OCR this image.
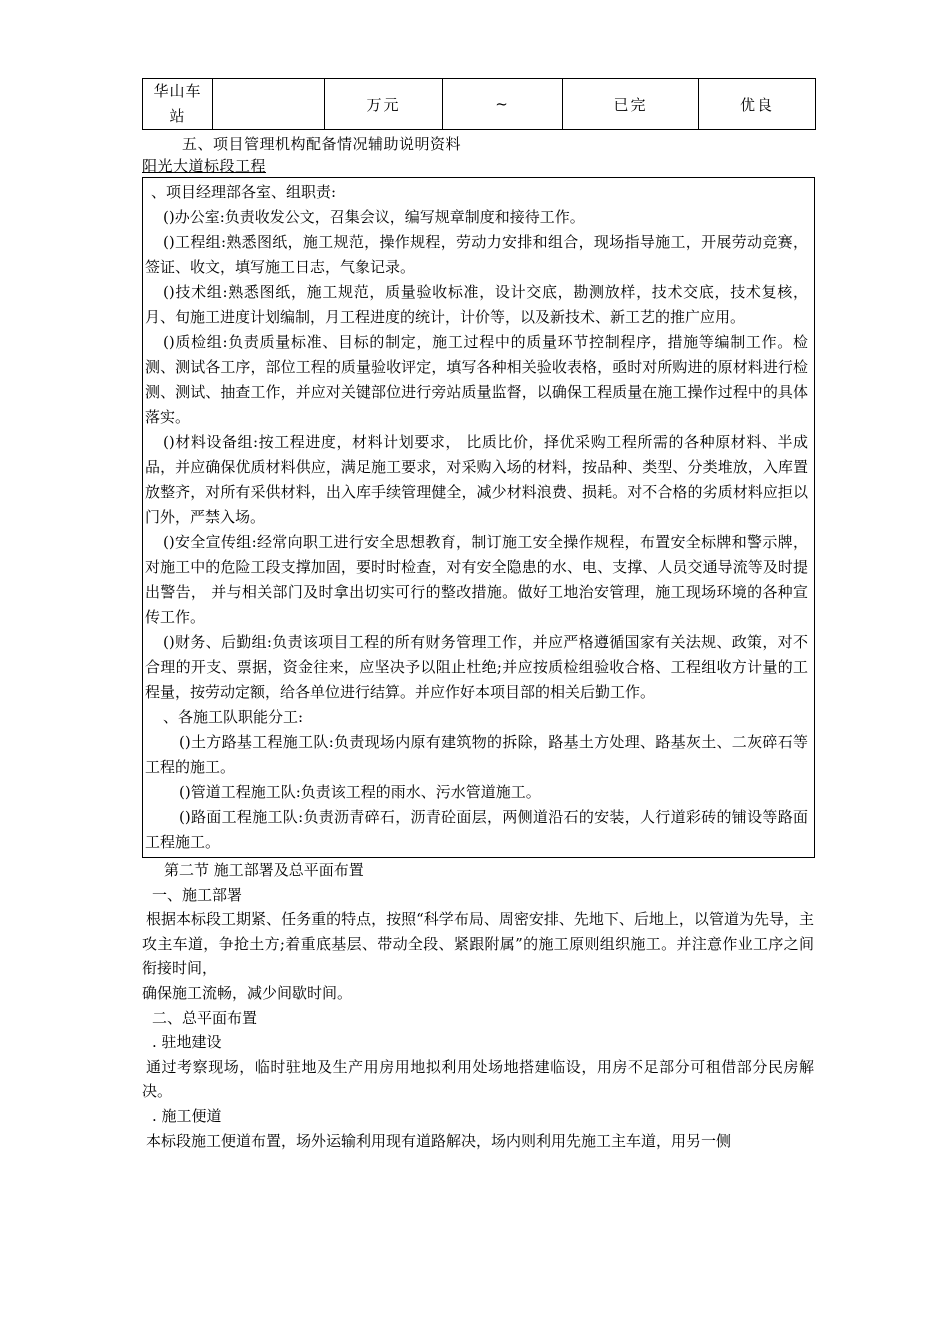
华山车站		万元	~	已完	优良
五、项目管理机构配备情况辅助说明资料
阳光大道标段工程

、项目经理部各室、组职责:

()办公室:负责收发公文，召集会议，编写规章制度和接待工作。

()工程组:熟悉图纸，施工规范，操作规程，劳动力安排和组合，现场指导施工，开展劳动竞赛，签证、收文，填写施工日志，气象记录。

()技术组:熟悉图纸，施工规范，质量验收标准，设计交底，勘测放样，技术交底，技术复核，月、旬施工进度计划编制，月工程进度的统计，计价等，以及新技术、新工艺的推广应用。

()质检组:负责质量标准、目标的制定，施工过程中的质量环节控制程序，措施等编制工作。检测、测试各工序，部位工程的质量验收评定，填写各种相关验收表格，亟时对所购进的原材料进行检测、测试、抽查工作，并应对关键部位进行旁站质量监督，以确保工程质量在施工操作过程中的具体落实。

()材料设备组:按工程进度，材料计划要求， 比质比价，择优采购工程所需的各种原材料、半成品，并应确保优质材料供应，满足施工要求，对采购入场的材料，按品种、类型、分类堆放，入库置放整齐，对所有采供材料，出入库手续管理健全，减少材料浪费、损耗。对不合格的劣质材料应拒以门外，严禁入场。

()安全宣传组:经常向职工进行安全思想教育，制订施工安全操作规程，布置安全标牌和警示牌，对施工中的危险工段支撑加固，要时时检查，对有安全隐患的水、电、支撑、人员交通导流等及时提出警告， 并与相关部门及时拿出切实可行的整改措施。做好工地治安管理，施工现场环境的各种宣传工作。

()财务、后勤组:负责该项目工程的所有财务管理工作，并应严格遵循国家有关法规、政策，对不合理的开支、票据，资金往来，应坚决予以阻止杜绝;并应按质检组验收合格、工程组收方计量的工程量，按劳动定额，给各单位进行结算。并应作好本项目部的相关后勤工作。

、各施工队职能分工:

()土方路基工程施工队:负责现场内原有建筑物的拆除，路基土方处理、路基灰土、二灰碎石等工程的施工。

()管道工程施工队:负责该工程的雨水、污水管道施工。

()路面工程施工队:负责沥青碎石，沥青砼面层，两侧道沿石的安装，人行道彩砖的铺设等路面工程施工。

第二节 施工部署及总平面布置

一、施工部署

根据本标段工期紧、任务重的特点，按照“科学布局、周密安排、先地下、后地上，以管道为先导，主攻主车道，争抢土方;着重底基层、带动全段、紧跟附属”的施工原则组织施工。并注意作业工序之间衔接时间，

确保施工流畅，减少间歇时间。

二、总平面布置

. 驻地建设

通过考察现场，临时驻地及生产用房用地拟利用处场地搭建临设，用房不足部分可租借部分民房解决。

. 施工便道

本标段施工便道布置，场外运输利用现有道路解决，场内则利用先施工主车道，用另一侧
